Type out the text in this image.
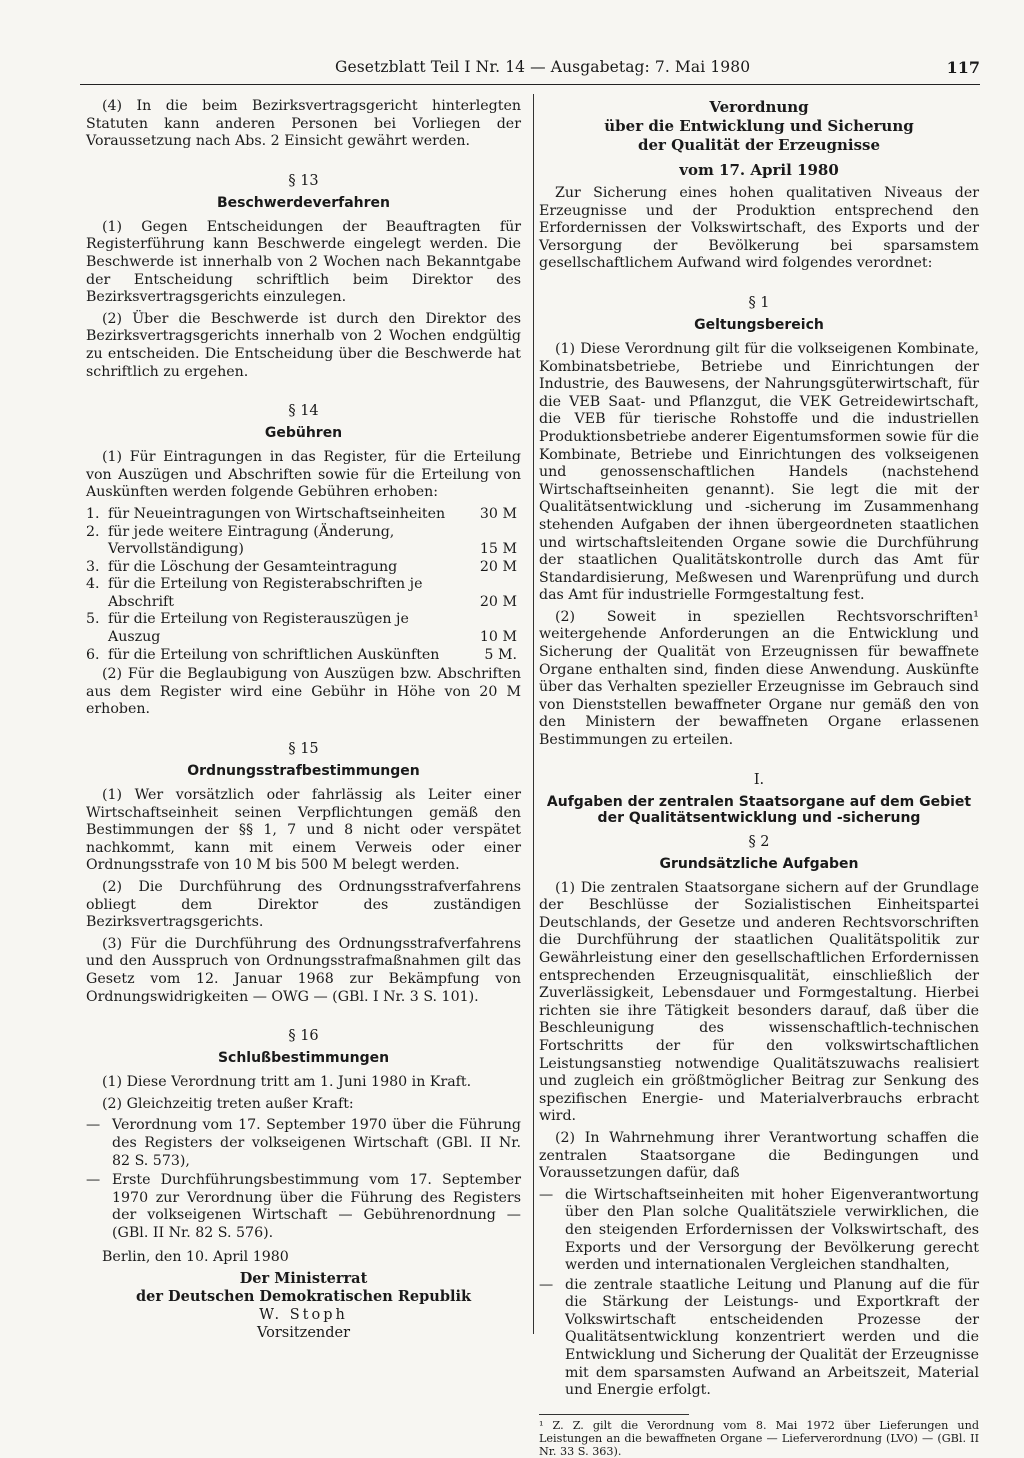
Gesetzblatt Teil I Nr. 14 — Ausgabetag: 7. Mai 1980	117

(4) In die beim Bezirksvertragsgericht hinterlegten Statuten kann anderen Personen bei Vorliegen der Voraussetzung nach Abs. 2 Einsicht gewährt werden.

§ 13
Beschwerdeverfahren

(1) Gegen Entscheidungen der Beauftragten für Registerführung kann Beschwerde eingelegt werden. Die Beschwerde ist innerhalb von 2 Wochen nach Bekanntgabe der Entscheidung schriftlich beim Direktor des Bezirksvertragsgerichts einzulegen.

(2) Über die Beschwerde ist durch den Direktor des Bezirksvertragsgerichts innerhalb von 2 Wochen endgültig zu entscheiden. Die Entscheidung über die Beschwerde hat schriftlich zu ergehen.

§ 14
Gebühren

(1) Für Eintragungen in das Register, für die Erteilung von Auszügen und Abschriften sowie für die Erteilung von Auskünften werden folgende Gebühren erhoben:

1.	für Neueintragungen von Wirtschaftseinheiten	30 M
2.	für jede weitere Eintragung (Änderung, Vervollständigung)	15 M
3.	für die Löschung der Gesamteintragung	20 M
4.	für die Erteilung von Registerabschriften je Abschrift	20 M
5.	für die Erteilung von Registerauszügen je Auszug	10 M
6.	für die Erteilung von schriftlichen Auskünften	5 M.

(2) Für die Beglaubigung von Auszügen bzw. Abschriften aus dem Register wird eine Gebühr in Höhe von 20 M erhoben.

§ 15
Ordnungsstrafbestimmungen

(1) Wer vorsätzlich oder fahrlässig als Leiter einer Wirtschaftseinheit seinen Verpflichtungen gemäß den Bestimmungen der §§ 1, 7 und 8 nicht oder verspätet nachkommt, kann mit einem Verweis oder einer Ordnungsstrafe von 10 M bis 500 M belegt werden.

(2) Die Durchführung des Ordnungsstrafverfahrens obliegt dem Direktor des zuständigen Bezirksvertragsgerichts.

(3) Für die Durchführung des Ordnungsstrafverfahrens und den Ausspruch von Ordnungsstrafmaßnahmen gilt das Gesetz vom 12. Januar 1968 zur Bekämpfung von Ordnungswidrigkeiten — OWG — (GBl. I Nr. 3 S. 101).

§ 16
Schlußbestimmungen

(1) Diese Verordnung tritt am 1. Juni 1980 in Kraft.

(2) Gleichzeitig treten außer Kraft:

— Verordnung vom 17. September 1970 über die Führung des Registers der volkseigenen Wirtschaft (GBl. II Nr. 82 S. 573),

— Erste Durchführungsbestimmung vom 17. September 1970 zur Verordnung über die Führung des Registers der volkseigenen Wirtschaft — Gebührenordnung — (GBl. II Nr. 82 S. 576).

Berlin, den 10. April 1980

Der Ministerrat
der Deutschen Demokratischen Republik
W. Stoph
Vorsitzender
Verordnung
über die Entwicklung und Sicherung
der Qualität der Erzeugnisse
vom 17. April 1980

Zur Sicherung eines hohen qualitativen Niveaus der Erzeugnisse und der Produktion entsprechend den Erfordernissen der Volkswirtschaft, des Exports und der Versorgung der Bevölkerung bei sparsamstem gesellschaftlichem Aufwand wird folgendes verordnet:

§ 1
Geltungsbereich

(1) Diese Verordnung gilt für die volkseigenen Kombinate, Kombinatsbetriebe, Betriebe und Einrichtungen der Industrie, des Bauwesens, der Nahrungsgüterwirtschaft, für die VEB Saat- und Pflanzgut, die VEK Getreidewirtschaft, die VEB für tierische Rohstoffe und die industriellen Produktionsbetriebe anderer Eigentumsformen sowie für die Kombinate, Betriebe und Einrichtungen des volkseigenen und genossenschaftlichen Handels (nachstehend Wirtschaftseinheiten genannt). Sie legt die mit der Qualitätsentwicklung und -sicherung im Zusammenhang stehenden Aufgaben der ihnen übergeordneten staatlichen und wirtschaftsleitenden Organe sowie die Durchführung der staatlichen Qualitätskontrolle durch das Amt für Standardisierung, Meßwesen und Warenprüfung und durch das Amt für industrielle Formgestaltung fest.

(2) Soweit in speziellen Rechtsvorschriften¹ weitergehende Anforderungen an die Entwicklung und Sicherung der Qualität von Erzeugnissen für bewaffnete Organe enthalten sind, finden diese Anwendung. Auskünfte über das Verhalten spezieller Erzeugnisse im Gebrauch sind von Dienststellen bewaffneter Organe nur gemäß den von den Ministern der bewaffneten Organe erlassenen Bestimmungen zu erteilen.

I.
Aufgaben der zentralen Staatsorgane auf dem Gebiet
der Qualitätsentwicklung und -sicherung
§ 2
Grundsätzliche Aufgaben

(1) Die zentralen Staatsorgane sichern auf der Grundlage der Beschlüsse der Sozialistischen Einheitspartei Deutschlands, der Gesetze und anderen Rechtsvorschriften die Durchführung der staatlichen Qualitätspolitik zur Gewährleistung einer den gesellschaftlichen Erfordernissen entsprechenden Erzeugnisqualität, einschließlich der Zuverlässigkeit, Lebensdauer und Formgestaltung. Hierbei richten sie ihre Tätigkeit besonders darauf, daß über die Beschleunigung des wissenschaftlich-technischen Fortschritts der für den volkswirtschaftlichen Leistungsanstieg notwendige Qualitätszuwachs realisiert und zugleich ein größtmöglicher Beitrag zur Senkung des spezifischen Energie- und Materialverbrauchs erbracht wird.

(2) In Wahrnehmung ihrer Verantwortung schaffen die zentralen Staatsorgane die Bedingungen und Voraussetzungen dafür, daß

— die Wirtschaftseinheiten mit hoher Eigenverantwortung über den Plan solche Qualitätsziele verwirklichen, die den steigenden Erfordernissen der Volkswirtschaft, des Exports und der Versorgung der Bevölkerung gerecht werden und internationalen Vergleichen standhalten,

— die zentrale staatliche Leitung und Planung auf die für die Stärkung der Leistungs- und Exportkraft der Volkswirtschaft entscheidenden Prozesse der Qualitätsentwicklung konzentriert werden und die Entwicklung und Sicherung der Qualität der Erzeugnisse mit dem sparsamsten Aufwand an Arbeitszeit, Material und Energie erfolgt.

¹ Z. Z. gilt die Verordnung vom 8. Mai 1972 über Lieferungen und Leistungen an die bewaffneten Organe — Lieferverordnung (LVO) — (GBl. II Nr. 33 S. 363).
